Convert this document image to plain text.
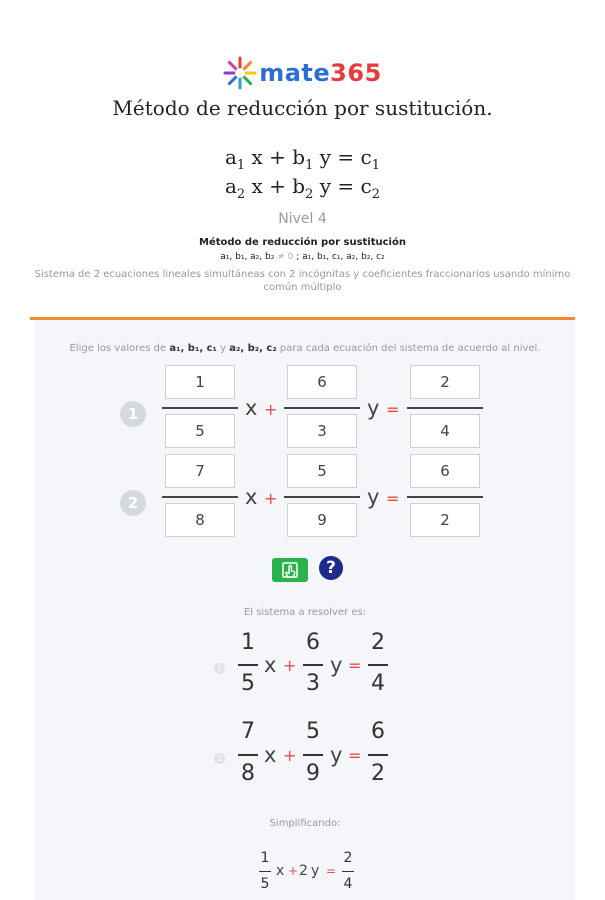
mate365
Método de reducción por sustitución.
$a_1$ $x + b_1$ $y = c_1$
$a_2$ $x + b_2$ $y = c_2$
Nivel 4
Método de reducción por sustitución
a₁, b₁, a₂, b₂ ≠ 0 ; a₁, b₁, c₁, a₂, b₂, c₂
Sistema de 2 ecuaciones lineales simultáneas con 2 incógnitas y coeficientes fraccionarios usando mínimo común múltiplo
Elige los valores de a₁, b₁, c₁ y a₂, b₂, c₂ para cada ecuación del sistema de acuerdo al nivel.
1
1
5
x +
6
3
y =
2
4
2
7
8
x +
5
9
y =
6
2
?
El sistema a resolver es:
1
1
5
x +
6
3
y =
2
4
2
7
8
x +
5
9
y =
6
2
Simplificando:
1
5
x + 2 y =
2
4
